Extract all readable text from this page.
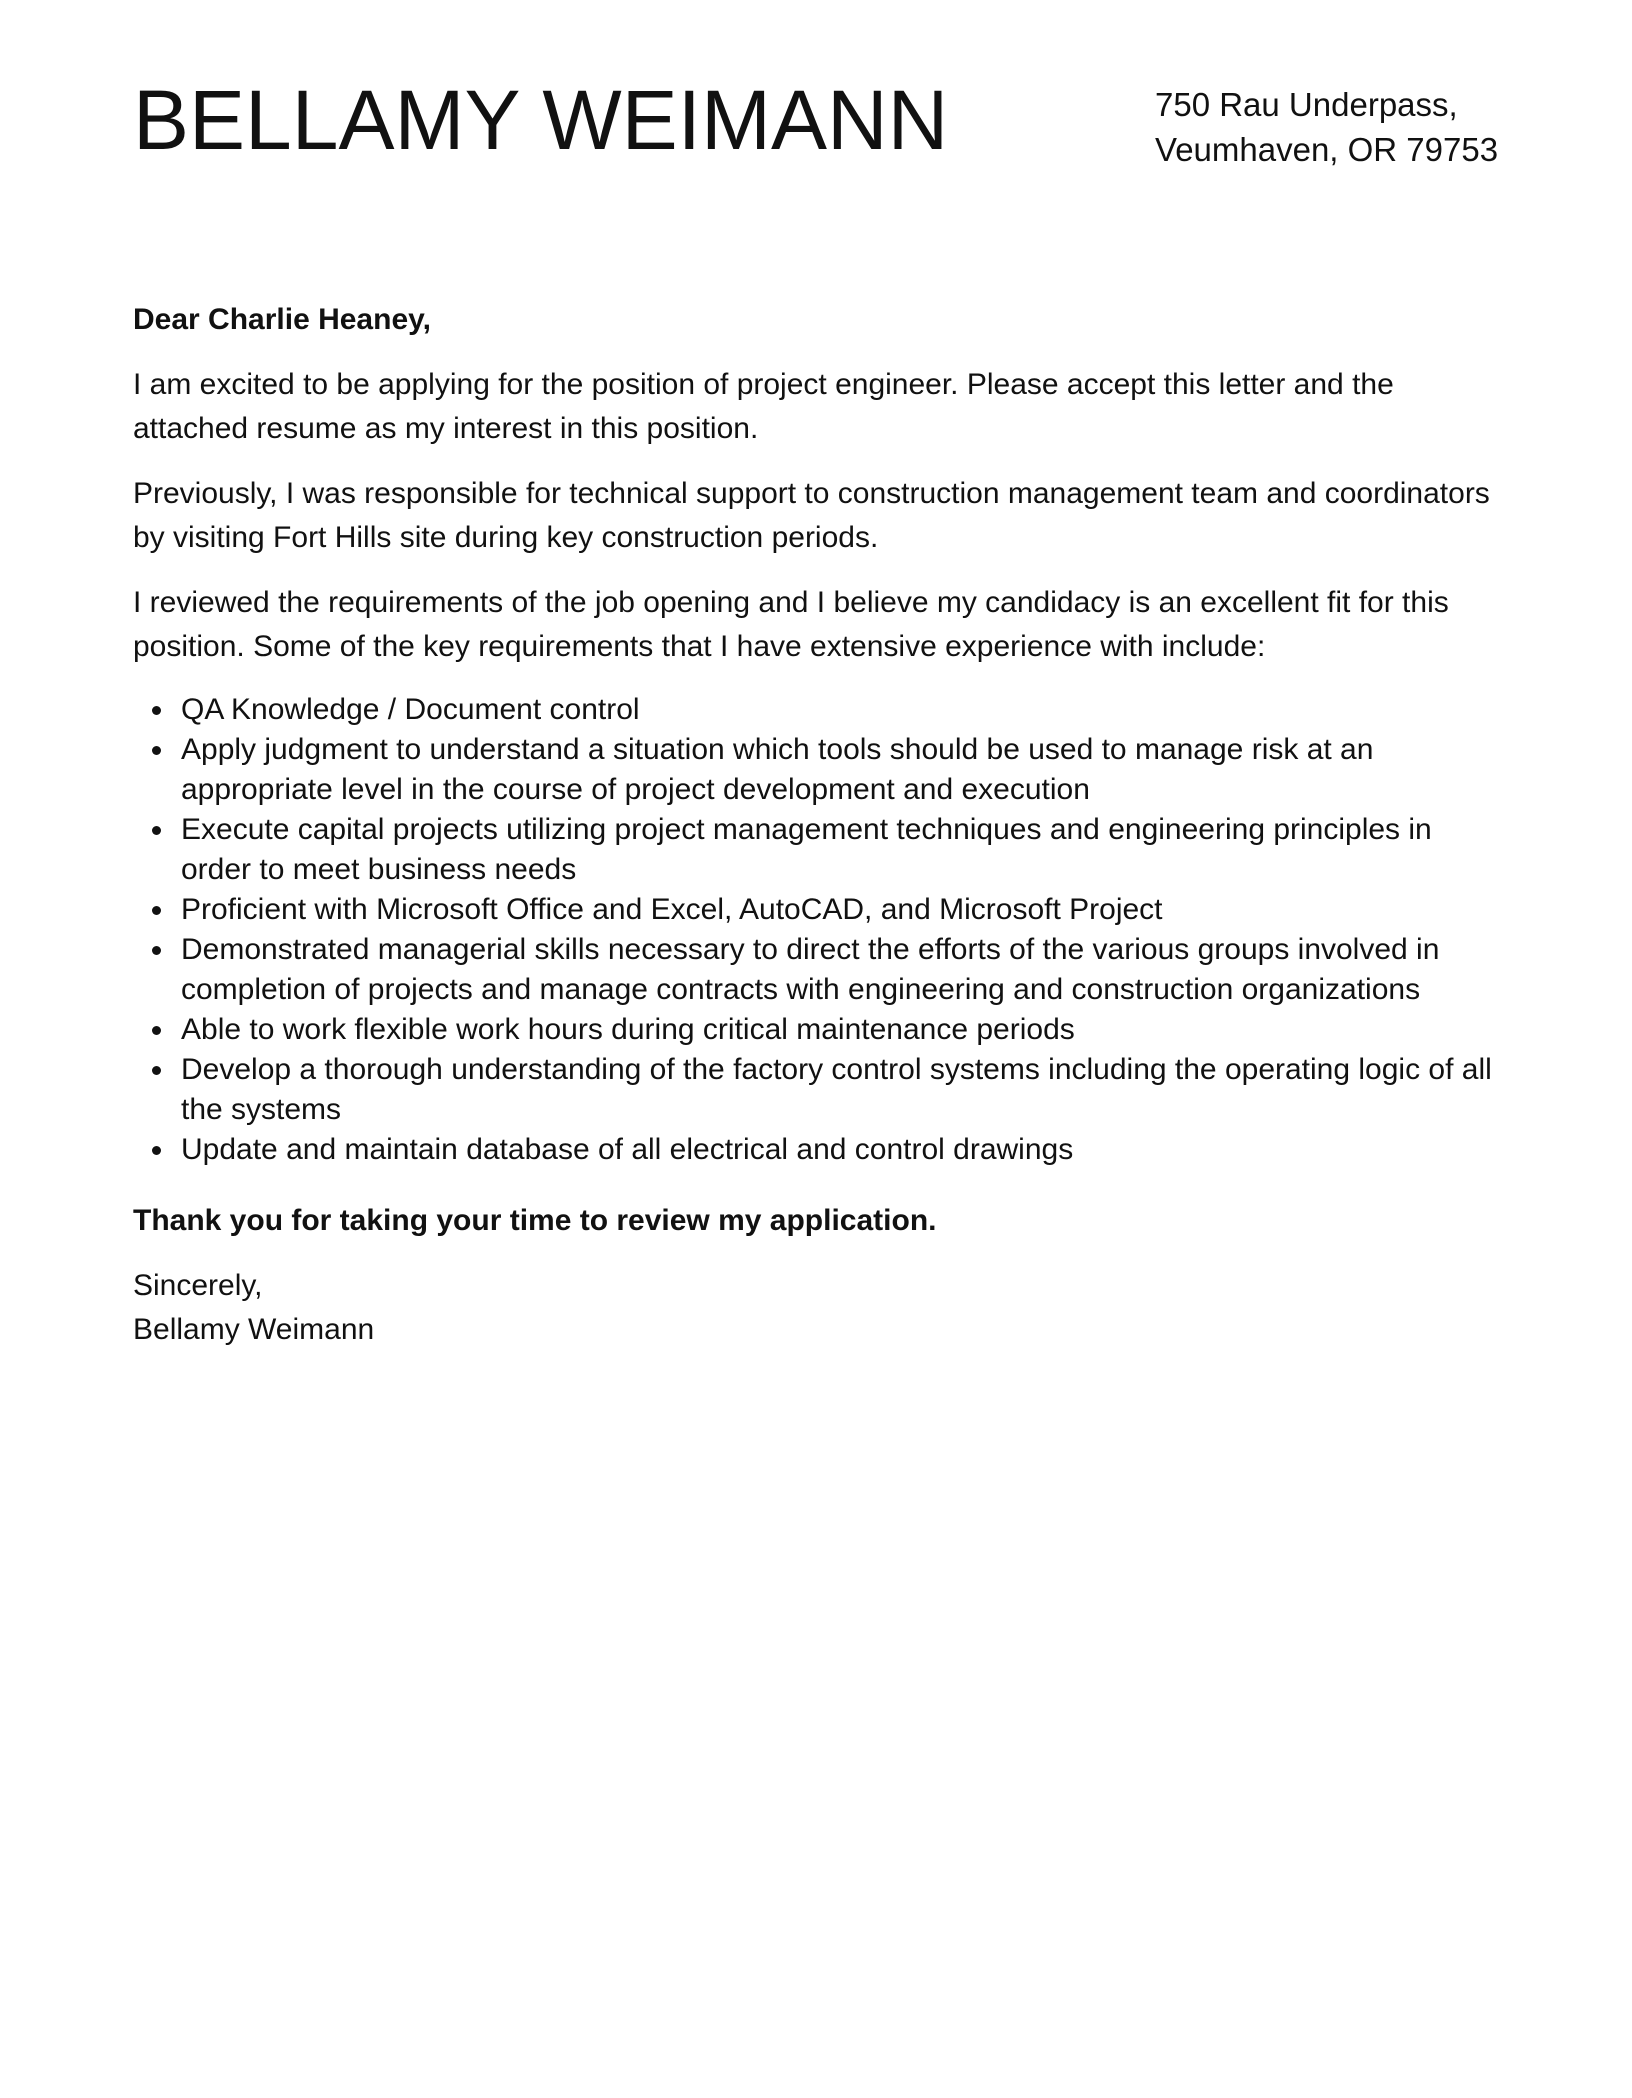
BELLAMY WEIMANN	750 Rau Underpass,
Veumhaven, OR 79753

Dear Charlie Heaney,

I am excited to be applying for the position of project engineer. Please accept this letter and the attached resume as my interest in this position.

Previously, I was responsible for technical support to construction management team and coordinators by visiting Fort Hills site during key construction periods.

I reviewed the requirements of the job opening and I believe my candidacy is an excellent fit for this position. Some of the key requirements that I have extensive experience with include:

QA Knowledge / Document control
Apply judgment to understand a situation which tools should be used to manage risk at an appropriate level in the course of project development and execution
Execute capital projects utilizing project management techniques and engineering principles in order to meet business needs
Proficient with Microsoft Office and Excel, AutoCAD, and Microsoft Project
Demonstrated managerial skills necessary to direct the efforts of the various groups involved in completion of projects and manage contracts with engineering and construction organizations
Able to work flexible work hours during critical maintenance periods
Develop a thorough understanding of the factory control systems including the operating logic of all the systems
Update and maintain database of all electrical and control drawings

Thank you for taking your time to review my application.

Sincerely,

Bellamy Weimann
